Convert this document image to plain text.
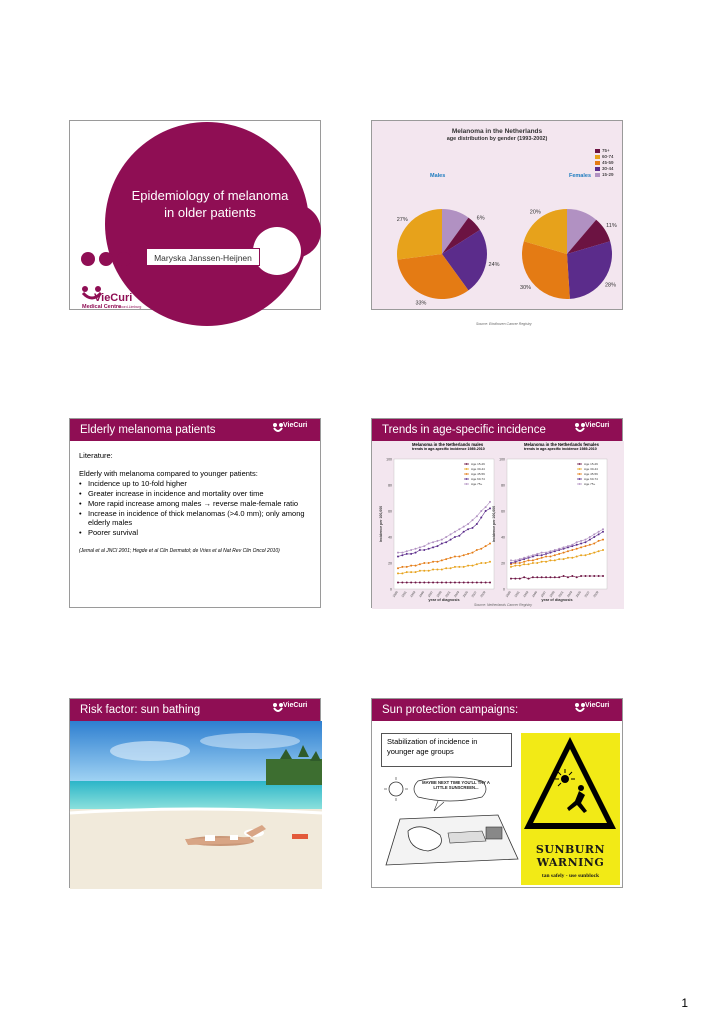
Epidemiology of melanoma
in older patients
Maryska Janssen-Heijnen
VieCuri
Medical Centre
Noord-Limburg
Melanoma in the Netherlands
age distribution by gender (1993-2002)
75+
60-74
45-59
30-44
15-29
Males	Females
6%
24%
33%
27%
11%
28%
30%
20%
Source: Eindhoven Cancer Registry
Elderly melanoma patients	VieCuri
Literature:
Elderly with melanoma compared to younger patients:
• Incidence up to 10-fold higher
• Greater increase in incidence and mortality over time
• More rapid increase among males → reverse male-female ratio
• Increase in incidence of thick melanomas (>4.0 mm); only among elderly males
• Poorer survival
(Jemal et al JNCI 2001; Hegde et al Clin Dermatol; de Vries et al Nat Rev Clin Oncol 2010)
Trends in age-specific incidence	VieCuri
Melanoma in the Netherlands males
trends in age-specific incidence 1989-2010
Melanoma in the Netherlands females
trends in age-specific incidence 1989-2010
0
20
40
60
80
100
1989 1991 1993 1995 1997 1999 2001 2003 2005 2007 2009
Incidence per 100,000
year of diagnosis
Age 15-29
Age 30-44
Age 45-59
Age 60-74
Age 75+
0
20
40
60
80
100
1989 1991 1993 1995 1997 1999 2001 2003 2005 2007 2009
Incidence per 100,000
year of diagnosis
Age 15-29
Age 30-44
Age 45-59
Age 60-74
Age 75+
Source: Netherlands Cancer Registry
Risk factor: sun bathing	VieCuri	Sun protection campaigns:	VieCuri
Stabilization of incidence in younger age groups
MAYBE NEXT TIME YOU'LL TRY A LITTLE SUNSCREEN...
SUNBURN
WARNING
tan safely - use sunblock
1
